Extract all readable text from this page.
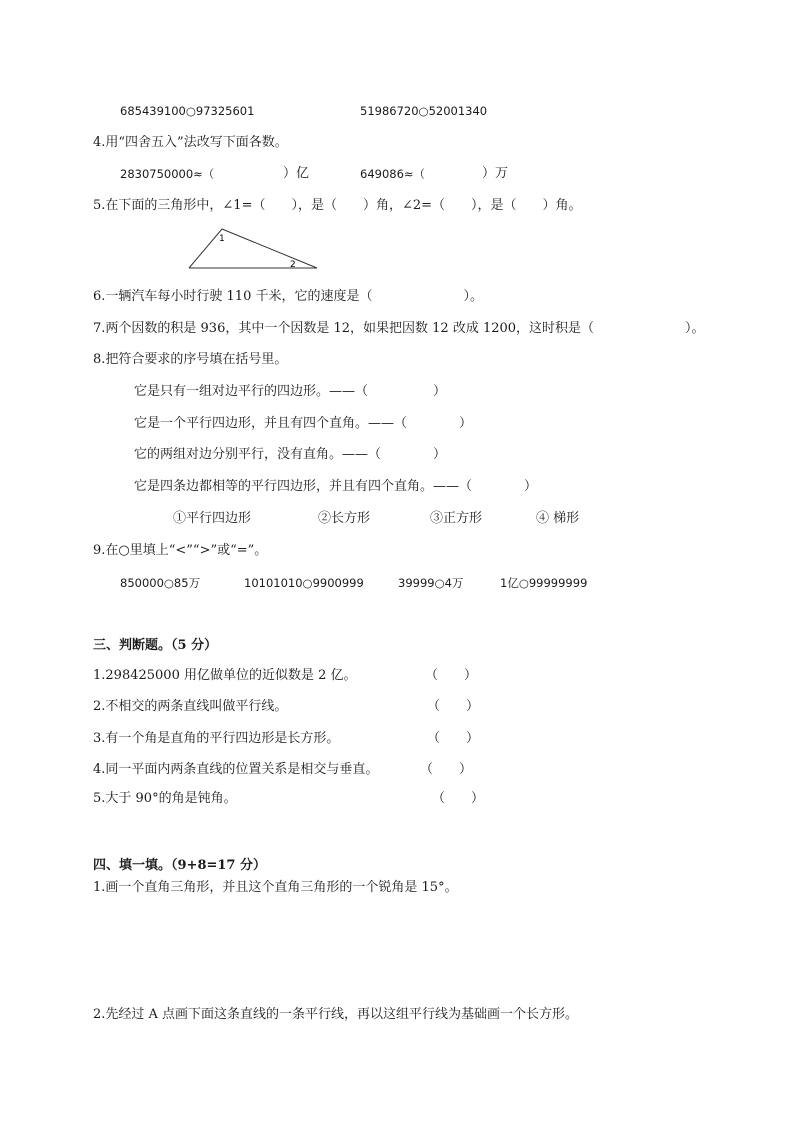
685439100○97325601	51986720○52001340
4.用“四舍五入”法改写下面各数。
2830750000≈（	）亿	649086≈（	）万
5.在下面的三角形中，∠1=（　　），是（　　）角，∠2=（　　），是（　　）角。
1
2
6.一辆汽车每小时行驶 110 千米，它的速度是（　　　　　　　）。
7.两个因数的积是 936，其中一个因数是 12，如果把因数 12 改成 1200，这时积是（　　　　　　　）。
8.把符合要求的序号填在括号里。
它是只有一组对边平行的四边形。——（　　　　　）
它是一个平行四边形，并且有四个直角。——（　　　　）
它的两组对边分别平行，没有直角。——（　　　　）
它是四条边都相等的平行四边形，并且有四个直角。——（　　　　）
①平行四边形	②长方形	③正方形	④ 梯形
9.在○里填上“<”“>”或“=”。
850000○85万	10101010○9900999	39999○4万	1亿○99999999
三、判断题。（5 分）
1.298425000 用亿做单位的近似数是 2 亿。	（　　）
2.不相交的两条直线叫做平行线。	（　　）
3.有一个角是直角的平行四边形是长方形。	（　　）
4.同一平面内两条直线的位置关系是相交与垂直。	（　　）
5.大于 90°的角是钝角。	（　　）
四、填一填。（9+8=17 分）
1.画一个直角三角形，并且这个直角三角形的一个锐角是 15°。
2.先经过 A 点画下面这条直线的一条平行线，再以这组平行线为基础画一个长方形。
